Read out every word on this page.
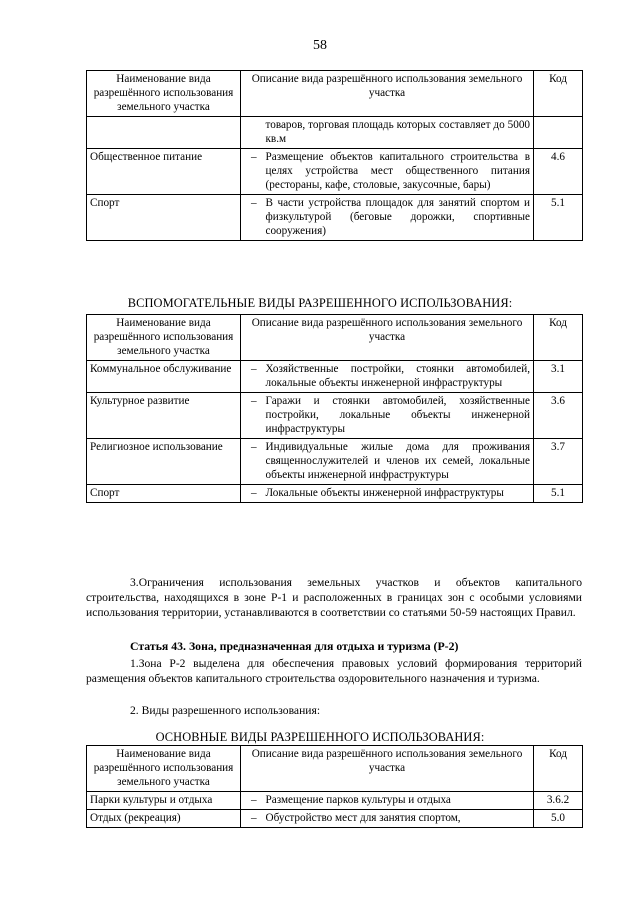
58
Наименование вида разрешённого использования земельного участка	Описание вида разрешённого использования земельного участка		Код
		товаров, торговая площадь которых составляет до 5000 кв.м	
Общественное питание	–	Размещение объектов капитального строительства в целях устройства мест общественного питания (рестораны, кафе, столовые, закусочные, бары)	4.6
Спорт	–	В части устройства площадок для занятий спортом и физкультурой (беговые дорожки, спортивные сооружения)	5.1
ВСПОМОГАТЕЛЬНЫЕ ВИДЫ РАЗРЕШЕННОГО ИСПОЛЬЗОВАНИЯ:
Наименование вида разрешённого использования земельного участка	Описание вида разрешённого использования земельного участка		Код
Коммунальное обслуживание	–	Хозяйственные постройки, стоянки автомобилей, локальные объекты инженерной инфраструктуры	3.1
Культурное развитие	–	Гаражи и стоянки автомобилей, хозяйственные постройки, локальные объекты инженерной инфраструктуры	3.6
Религиозное использование	–	Индивидуальные жилые дома для проживания священнослужителей и членов их семей, локальные объекты инженерной инфраструктуры	3.7
Спорт	–	Локальные объекты инженерной инфраструктуры	5.1
3.Ограничения использования земельных участков и объектов капитального строительства, находящихся в зоне Р-1 и расположенных в границах зон с особыми условиями использования территории, устанавливаются в соответствии со статьями 50-59 настоящих Правил.
Статья 43. Зона, предназначенная для отдыха и туризма (Р-2)
1.Зона Р-2 выделена для обеспечения правовых условий формирования территорий размещения объектов капитального строительства оздоровительного назначения и туризма.
2. Виды разрешенного использования:
ОСНОВНЫЕ ВИДЫ РАЗРЕШЕННОГО ИСПОЛЬЗОВАНИЯ:
Наименование вида разрешённого использования земельного участка	Описание вида разрешённого использования земельного участка		Код
Парки культуры и отдыха	–	Размещение парков культуры и отдыха	3.6.2
Отдых (рекреация)	–	Обустройство мест для занятия спортом,	5.0
